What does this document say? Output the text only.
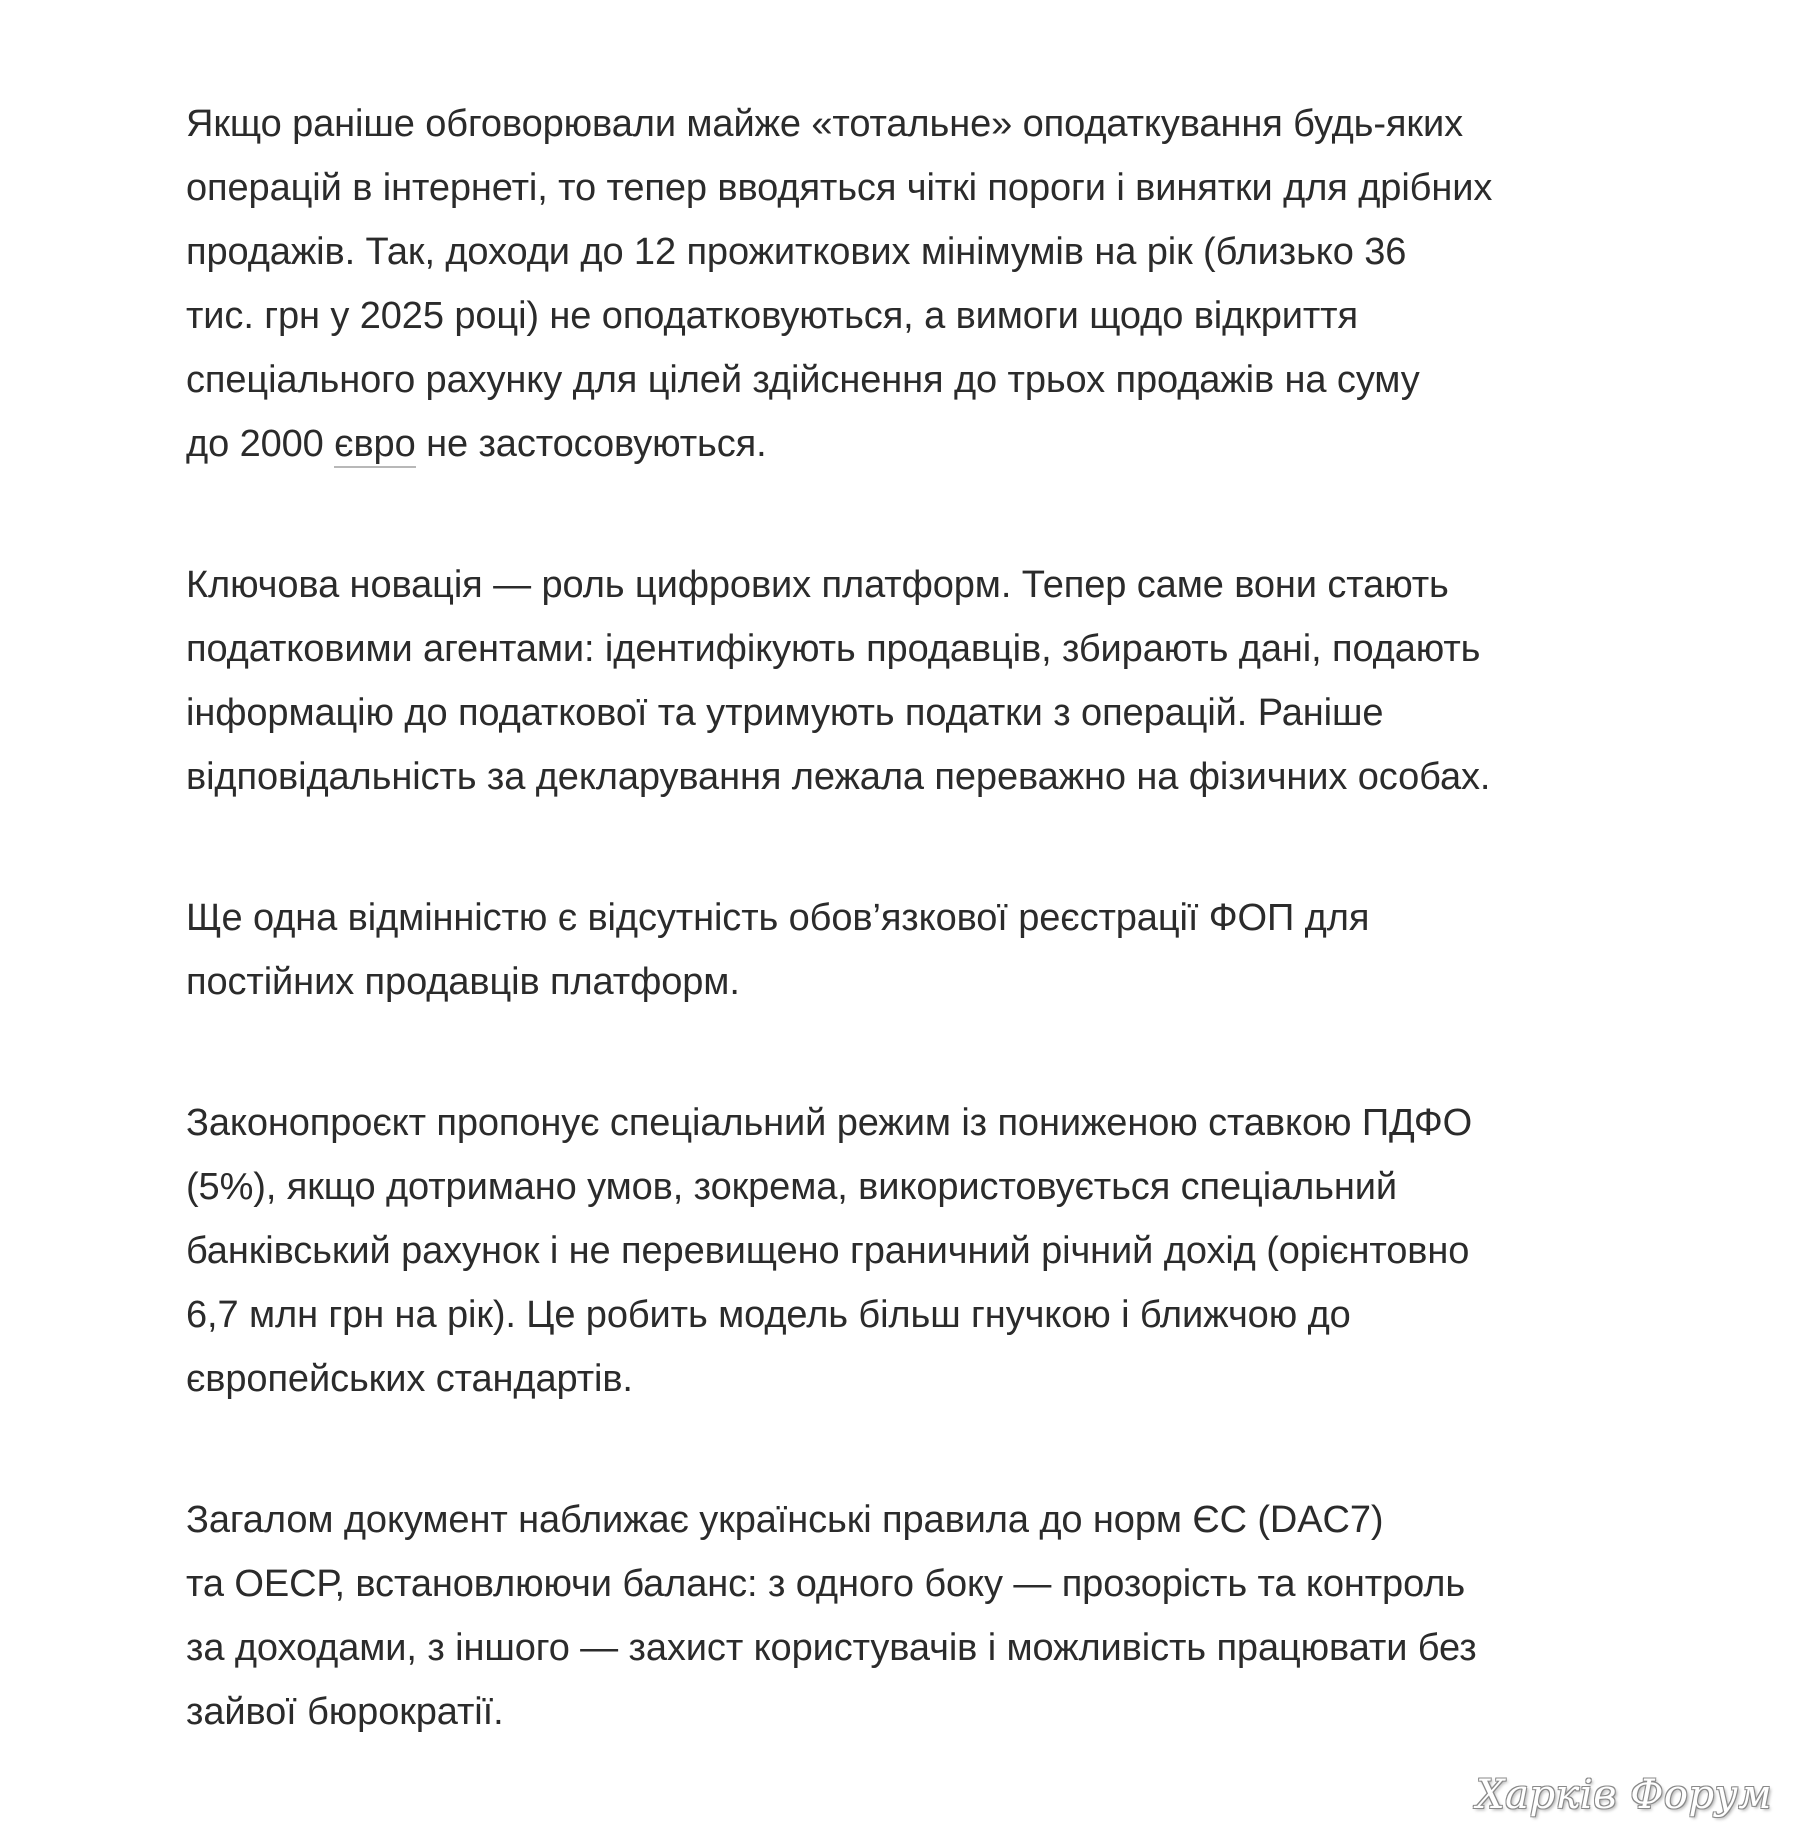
Якщо раніше обговорювали майже «тотальне» оподаткування будь-яких
операцій в інтернеті, то тепер вводяться чіткі пороги і винятки для дрібних
продажів. Так, доходи до 12 прожиткових мінімумів на рік (близько 36
тис. грн у 2025 році) не оподатковуються, а вимоги щодо відкриття
спеціального рахунку для цілей здійснення до трьох продажів на суму
до 2000 євро не застосовуються.

Ключова новація — роль цифрових платформ. Тепер саме вони стають
податковими агентами: ідентифікують продавців, збирають дані, подають
інформацію до податкової та утримують податки з операцій. Раніше
відповідальність за декларування лежала переважно на фізичних особах.

Ще одна відмінністю є відсутність обов’язкової реєстрації ФОП для
постійних продавців платформ.

Законопроєкт пропонує спеціальний режим із пониженою ставкою ПДФО
(5%), якщо дотримано умов, зокрема, використовується спеціальний
банківський рахунок і не перевищено граничний річний дохід (орієнтовно
6,7 млн грн на рік). Це робить модель більш гнучкою і ближчою до
європейських стандартів.

Загалом документ наближає українські правила до норм ЄС (DAC7)
та ОЕСР, встановлюючи баланс: з одного боку — прозорість та контроль
за доходами, з іншого — захист користувачів і можливість працювати без
зайвої бюрократії.

Харків Форум
